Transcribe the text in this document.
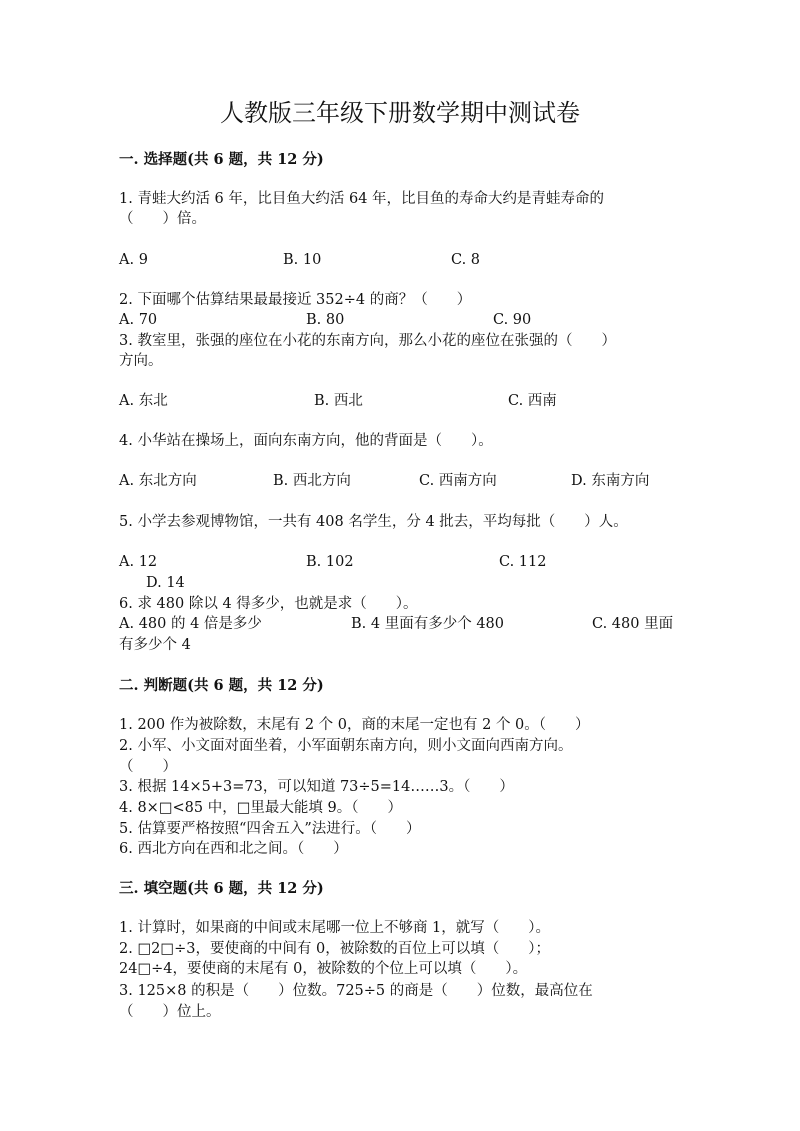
人教版三年级下册数学期中测试卷
一. 选择题(共 6 题，共 12 分)
1. 青蛙大约活 6 年，比目鱼大约活 64 年，比目鱼的寿命大约是青蛙寿命的
（　　）倍。
A. 9	B. 10	C. 8
2. 下面哪个估算结果最最接近 352÷4 的商？（　　）
A. 70	B. 80	C. 90
3. 教室里，张强的座位在小花的东南方向，那么小花的座位在张强的（　　）
方向。
A. 东北	B. 西北	C. 西南
4. 小华站在操场上，面向东南方向，他的背面是（　　）。
A. 东北方向	B. 西北方向	C. 西南方向	D. 东南方向
5. 小学去参观博物馆，一共有 408 名学生，分 4 批去，平均每批（　　）人。
A. 12	B. 102	C. 112
D. 14
6. 求 480 除以 4 得多少，也就是求（　　）。
A. 480 的 4 倍是多少	B. 4 里面有多少个 480	C. 480 里面
有多少个 4
二. 判断题(共 6 题，共 12 分)
1. 200 作为被除数，末尾有 2 个 0，商的末尾一定也有 2 个 0。（　　）
2. 小军、小文面对面坐着，小军面朝东南方向，则小文面向西南方向。
（　　）
3. 根据 14×5+3=73，可以知道 73÷5=14……3。（　　）
4. 8×□<85 中，□里最大能填 9。（　　）
5. 估算要严格按照“四舍五入”法进行。（　　）
6. 西北方向在西和北之间。（　　）
三. 填空题(共 6 题，共 12 分)
1. 计算时，如果商的中间或末尾哪一位上不够商 1，就写（　　）。
2. □2□÷3，要使商的中间有 0，被除数的百位上可以填（　　）；
24□÷4，要使商的末尾有 0，被除数的个位上可以填（　　）。
3. 125×8 的积是（　　）位数。725÷5 的商是（　　）位数，最高位在
（　　）位上。
